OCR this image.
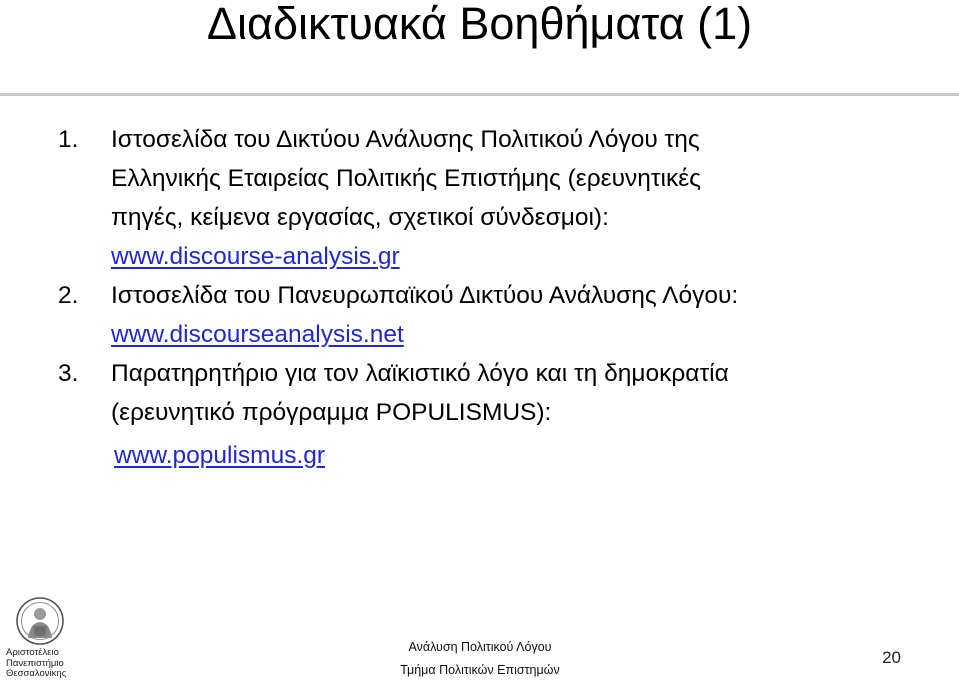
Διαδικτυακά Βοηθήματα (1)
1.	Ιστοσελίδα του Δικτύου Ανάλυσης Πολιτικού Λόγου της
Ελληνικής Εταιρείας Πολιτικής Επιστήμης (ερευνητικές
πηγές, κείμενα εργασίας, σχετικοί σύνδεσμοι):
www.discourse-analysis.gr
2.	Ιστοσελίδα του Πανευρωπαϊκού Δικτύου Ανάλυσης Λόγου:
www.discourseanalysis.net
3.	Παρατηρητήριο για τον λαϊκιστικό λόγο και τη δημοκρατία
(ερευνητικό πρόγραμμα POPULISMUS):
www.populismus.gr
Αριστοτέλειο
Πανεπιστήμιο
Θεσσαλονίκης
Ανάλυση Πολιτικού Λόγου
Τμήμα Πολιτικών Επιστημών
20
